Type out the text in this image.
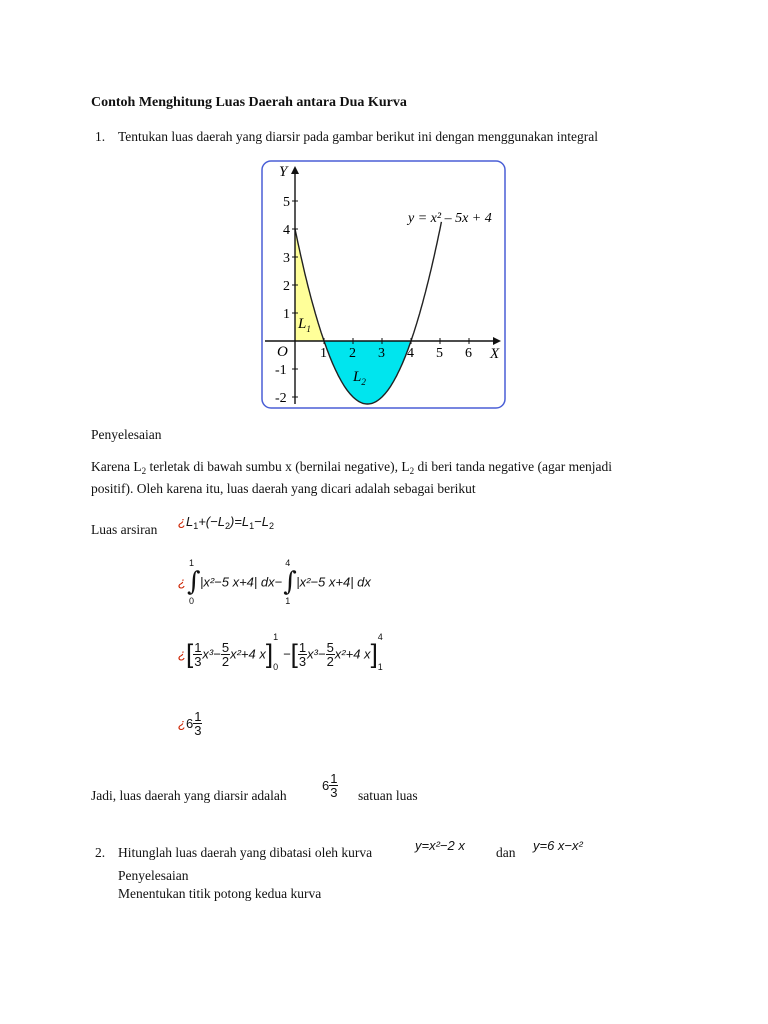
Contoh Menghitung Luas Daerah antara Dua Kurva
1. Tentukan luas daerah yang diarsir pada gambar berikut ini dengan menggunakan integral
1 2 3 4 5 6
5
4
3
2
1
-1
-2
Y
X
O
y = x² – 5x + 4
$L_1$
$L_2$
Penyelesaian
Karena $L_2$ terletak di bawah sumbu x (bernilai negative), $L_2$ di beri tanda negative (agar menjadi
positif). Oleh karena itu, luas daerah yang dicari adalah sebagai berikut
Luas arsiran
¿$L_1+(-L_2)=L_1-L_2$
¿ ∫
1
0
|x²−5 x+4| dx− ∫
4
1
|x²−5 x+4| dx
¿[ $\frac{1}{3} x^3- \frac{5}{2} x^2+4$ x]
1
0
−[ $\frac{1}{3} x^3- \frac{5}{2} x^2+4$ x]
4
1
¿$6 \frac{1}{3}$
Jadi, luas daerah yang diarsir adalah
$6 \frac{1}{3}$ satuan luas
2. Hitunglah luas daerah yang dibatasi oleh kurva	y=x²−2 x dan y=6 x−x²
Penyelesaian
Menentukan titik potong kedua kurva
